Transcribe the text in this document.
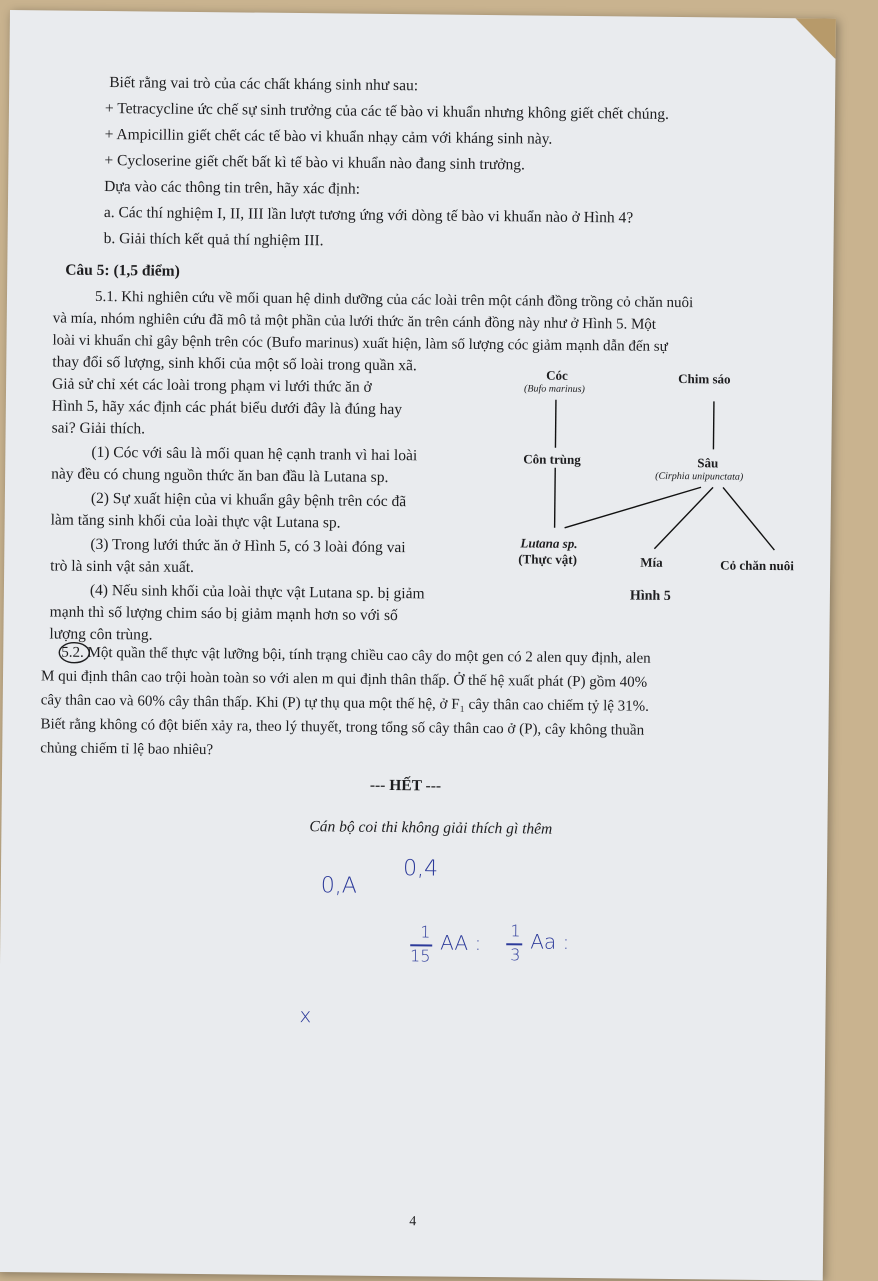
Biết rằng vai trò của các chất kháng sinh như sau:
+ Tetracycline ức chế sự sinh trưởng của các tế bào vi khuẩn nhưng không giết chết chúng.
+ Ampicillin giết chết các tế bào vi khuẩn nhạy cảm với kháng sinh này.
+ Cycloserine giết chết bất kì tế bào vi khuẩn nào đang sinh trưởng.
Dựa vào các thông tin trên, hãy xác định:
a. Các thí nghiệm I, II, III lần lượt tương ứng với dòng tế bào vi khuẩn nào ở Hình 4?
b. Giải thích kết quả thí nghiệm III.
Câu 5: (1,5 điểm)
5.1. Khi nghiên cứu về mối quan hệ dinh dưỡng của các loài trên một cánh đồng trồng cỏ chăn nuôi
và mía, nhóm nghiên cứu đã mô tả một phần của lưới thức ăn trên cánh đồng này như ở Hình 5. Một
loài vi khuẩn chỉ gây bệnh trên cóc (Bufo marinus) xuất hiện, làm số lượng cóc giảm mạnh dẫn đến sự
thay đổi số lượng, sinh khối của một số loài trong quần xã.
Giả sử chỉ xét các loài trong phạm vi lưới thức ăn ở
Hình 5, hãy xác định các phát biểu dưới đây là đúng hay
sai? Giải thích.
(1) Cóc với sâu là mối quan hệ cạnh tranh vì hai loài
này đều có chung nguồn thức ăn ban đầu là Lutana sp.
(2) Sự xuất hiện của vi khuẩn gây bệnh trên cóc đã
làm tăng sinh khối của loài thực vật Lutana sp.
(3) Trong lưới thức ăn ở Hình 5, có 3 loài đóng vai
trò là sinh vật sản xuất.
(4) Nếu sinh khối của loài thực vật Lutana sp. bị giảm
mạnh thì số lượng chim sáo bị giảm mạnh hơn so với số
lượng côn trùng.
Cóc
(Bufo marinus)
Chim sáo
Côn trùng	Sâu
(Cirphia unipunctata)
Lutana sp.
(Thực vật)	Mía	Cỏ chăn nuôi
Hình 5
5.2. Một quần thể thực vật lưỡng bội, tính trạng chiều cao cây do một gen có 2 alen quy định, alen
M qui định thân cao trội hoàn toàn so với alen m qui định thân thấp. Ở thế hệ xuất phát (P) gồm 40%
cây thân cao và 60% cây thân thấp. Khi (P) tự thụ qua một thế hệ, ở F₁ cây thân cao chiếm tỷ lệ 31%.
Biết rằng không có đột biến xảy ra, theo lý thuyết, trong tổng số cây thân cao ở (P), cây không thuần
chủng chiếm tỉ lệ bao nhiêu?
--- HẾT ---
Cán bộ coi thi không giải thích gì thêm
0,A
0,4
1
15
AA : 1
3
Aa :
x
4
